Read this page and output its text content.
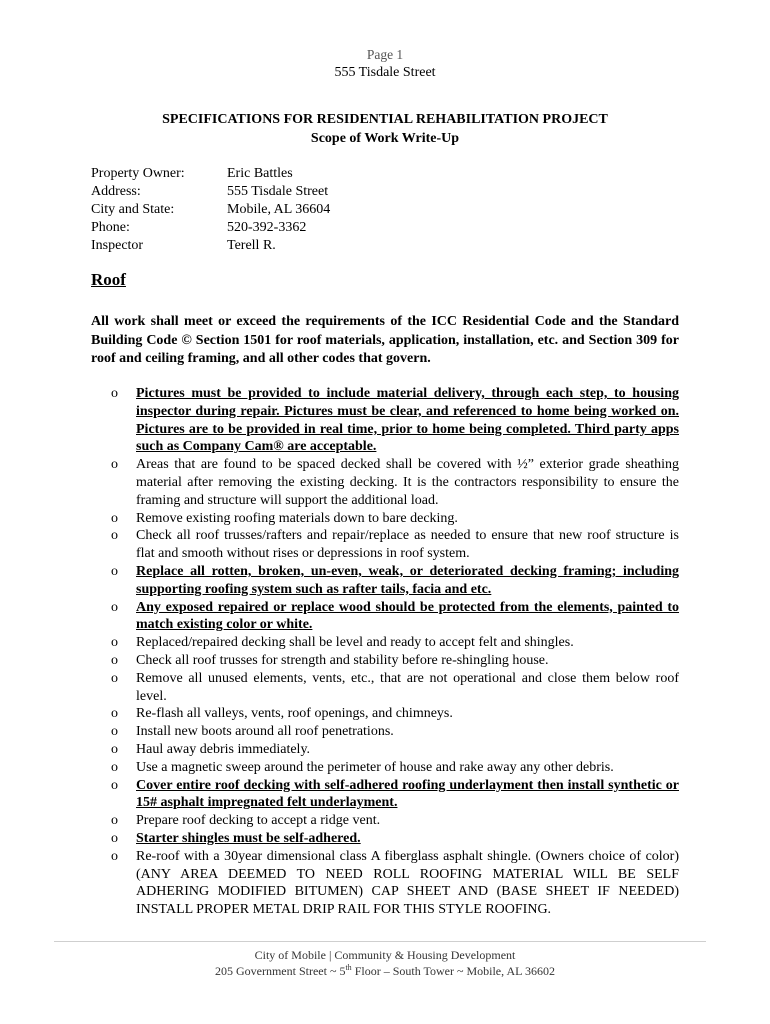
Page 1
555 Tisdale Street
SPECIFICATIONS FOR RESIDENTIAL REHABILITATION PROJECT
Scope of Work Write-Up
Property Owner:	Eric Battles
Address:	555 Tisdale Street
City and State:	Mobile, AL 36604
Phone:	520-392-3362
Inspector	Terell R.
Roof
All work shall meet or exceed the requirements of the ICC Residential Code and the Standard Building Code © Section 1501 for roof materials, application, installation, etc. and Section 309 for roof and ceiling framing, and all other codes that govern.
o	Pictures must be provided to include material delivery, through each step, to housing inspector during repair. Pictures must be clear, and referenced to home being worked on. Pictures are to be provided in real time, prior to home being completed. Third party apps such as Company Cam® are acceptable.
o	Areas that are found to be spaced decked shall be covered with ½” exterior grade sheathing material after removing the existing decking. It is the contractors responsibility to ensure the framing and structure will support the additional load.
o	Remove existing roofing materials down to bare decking.
o	Check all roof trusses/rafters and repair/replace as needed to ensure that new roof structure is flat and smooth without rises or depressions in roof system.
o	Replace all rotten, broken, un-even, weak, or deteriorated decking framing; including supporting roofing system such as rafter tails, facia and etc.
o	Any exposed repaired or replace wood should be protected from the elements, painted to match existing color or white.
o	Replaced/repaired decking shall be level and ready to accept felt and shingles.
o	Check all roof trusses for strength and stability before re-shingling house.
o	Remove all unused elements, vents, etc., that are not operational and close them below roof level.
o	Re-flash all valleys, vents, roof openings, and chimneys.
o	Install new boots around all roof penetrations.
o	Haul away debris immediately.
o	Use a magnetic sweep around the perimeter of house and rake away any other debris.
o	Cover entire roof decking with self-adhered roofing underlayment then install synthetic or 15# asphalt impregnated felt underlayment.
o	Prepare roof decking to accept a ridge vent.
o	Starter shingles must be self-adhered.
o	Re-roof with a 30year dimensional class A fiberglass asphalt shingle. (Owners choice of color) (ANY AREA DEEMED TO NEED ROLL ROOFING MATERIAL WILL BE SELF ADHERING MODIFIED BITUMEN) CAP SHEET AND (BASE SHEET IF NEEDED) INSTALL PROPER METAL DRIP RAIL FOR THIS STYLE ROOFING.
City of Mobile | Community & Housing Development
205 Government Street ~ 5th Floor – South Tower ~ Mobile, AL 36602
